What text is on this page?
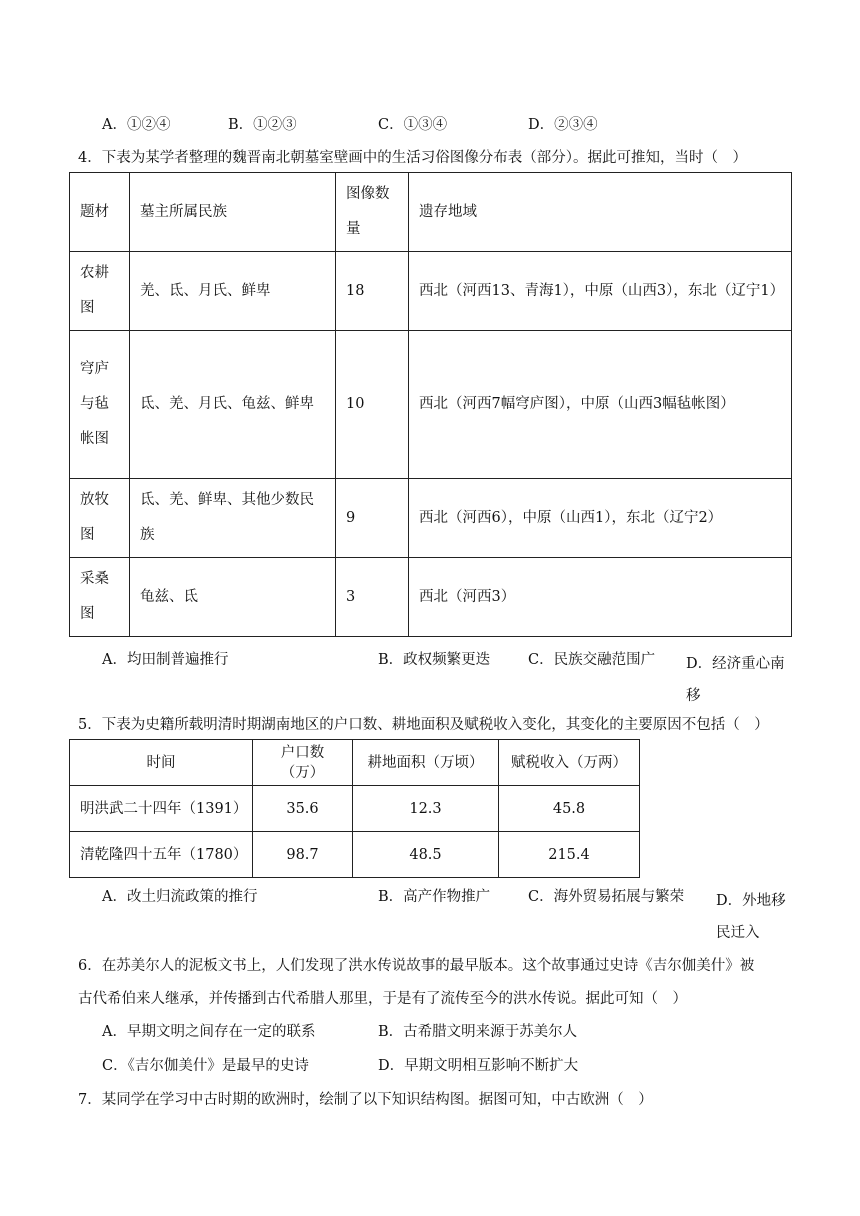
A．①②④	B．①②③	C．①③④	D．②③④
4．下表为某学者整理的魏晋南北朝墓室壁画中的生活习俗图像分布表（部分）。据此可推知，当时（　）
题材	墓主所属民族	图像数量	遗存地域
农耕图	羌、氐、月氏、鲜卑	18	西北（河西13、青海1），中原（山西3），东北（辽宁1）
穹庐与毡帐图	氐、羌、月氏、龟兹、鲜卑	10	西北（河西7幅穹庐图），中原（山西3幅毡帐图）
放牧图	氐、羌、鲜卑、其他少数民族	9	西北（河西6），中原（山西1），东北（辽宁2）
采桑图	龟兹、氐	3	西北（河西3）
A．均田制普遍推行	B．政权频繁更迭	C．民族交融范围广 D．经济重心南移
5．下表为史籍所载明清时期湖南地区的户口数、耕地面积及赋税收入变化，其变化的主要原因不包括（　）
时间	户口数（万）	耕地面积（万顷）	赋税收入（万两）
明洪武二十四年（1391）	35.6	12.3	45.8
清乾隆四十五年（1780）	98.7	48.5	215.4
A．改土归流政策的推行	B．高产作物推广	C．海外贸易拓展与繁荣 D．外地移民迁入
6．在苏美尔人的泥板文书上，人们发现了洪水传说故事的最早版本。这个故事通过史诗《吉尔伽美什》被
古代希伯来人继承，并传播到古代希腊人那里，于是有了流传至今的洪水传说。据此可知（　）
A．早期文明之间存在一定的联系	B．古希腊文明来源于苏美尔人
C．《吉尔伽美什》是最早的史诗	D．早期文明相互影响不断扩大
7．某同学在学习中古时期的欧洲时，绘制了以下知识结构图。据图可知，中古欧洲（　）
